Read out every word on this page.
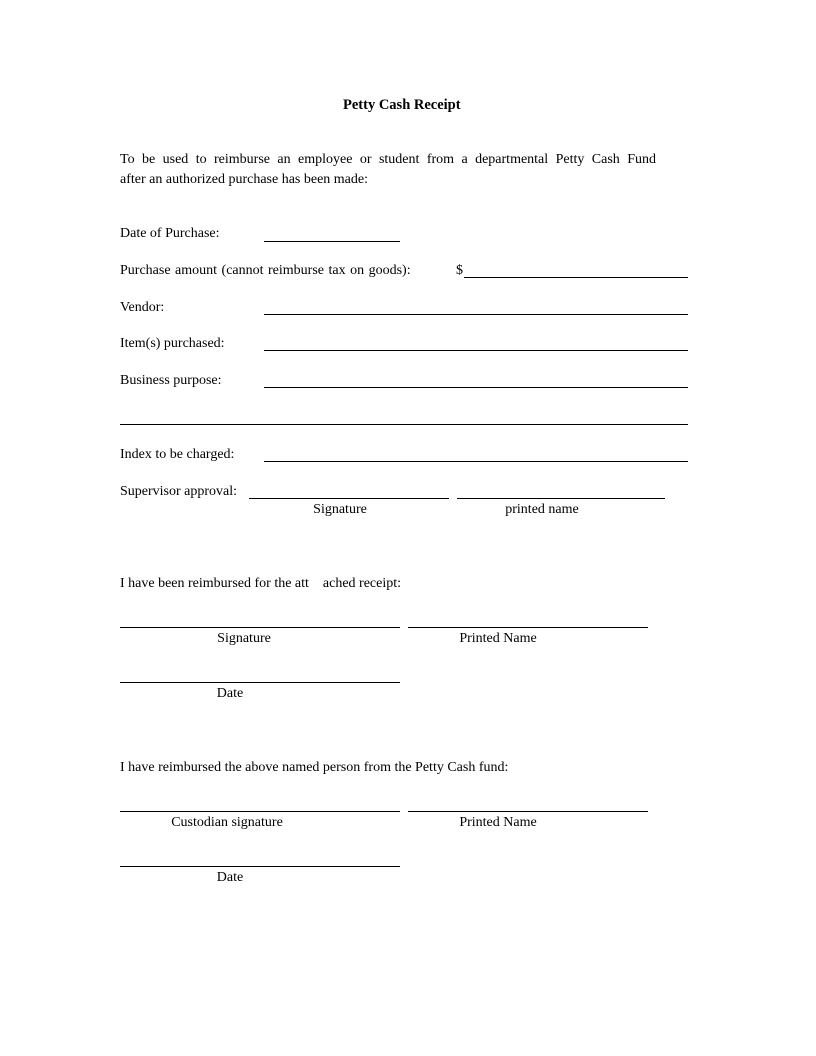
Petty Cash Receipt
To be used to reimburse an employee or student from a departmental Petty Cash Fund
after an authorized purchase has been made:
Date of Purchase:
Purchase amount (cannot reimburse tax on goods):	$
Vendor:
Item(s) purchased:
Business purpose:
Index to be charged:
Supervisor approval:
Signature	printed name
I have been reimbursed for the att    ached receipt:
Signature	Printed Name
Date
I have reimbursed the above named person from the Petty Cash fund:
Custodian signature	Printed Name
Date
